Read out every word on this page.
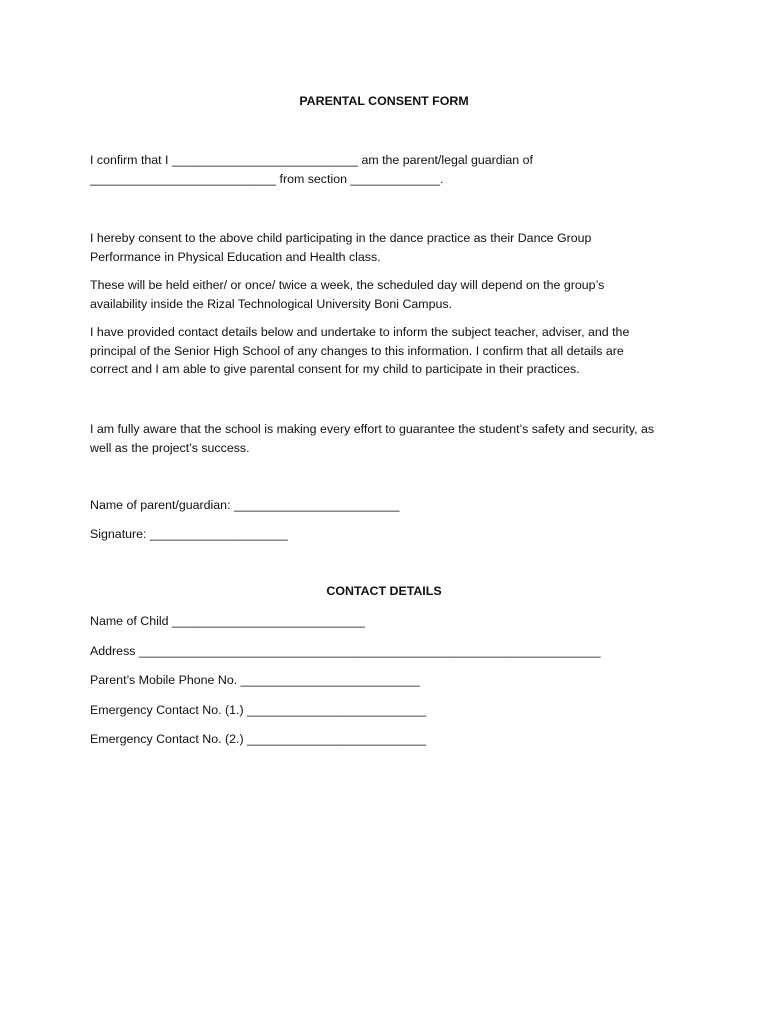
PARENTAL CONSENT FORM
I confirm that I ___________________________ am the parent/legal guardian of
___________________________ from section _____________.
I hereby consent to the above child participating in the dance practice as their Dance Group
Performance in Physical Education and Health class.
These will be held either/ or once/ twice a week, the scheduled day will depend on the group’s
availability inside the Rizal Technological University Boni Campus.
I have provided contact details below and undertake to inform the subject teacher, adviser, and the
principal of the Senior High School of any changes to this information. I confirm that all details are
correct and I am able to give parental consent for my child to participate in their practices.
I am fully aware that the school is making every effort to guarantee the student’s safety and security, as
well as the project’s success.
Name of parent/guardian: ________________________
Signature: ____________________
CONTACT DETAILS
Name of Child ____________________________
Address ___________________________________________________________________
Parent’s Mobile Phone No. __________________________
Emergency Contact No. (1.) __________________________
Emergency Contact No. (2.) __________________________
